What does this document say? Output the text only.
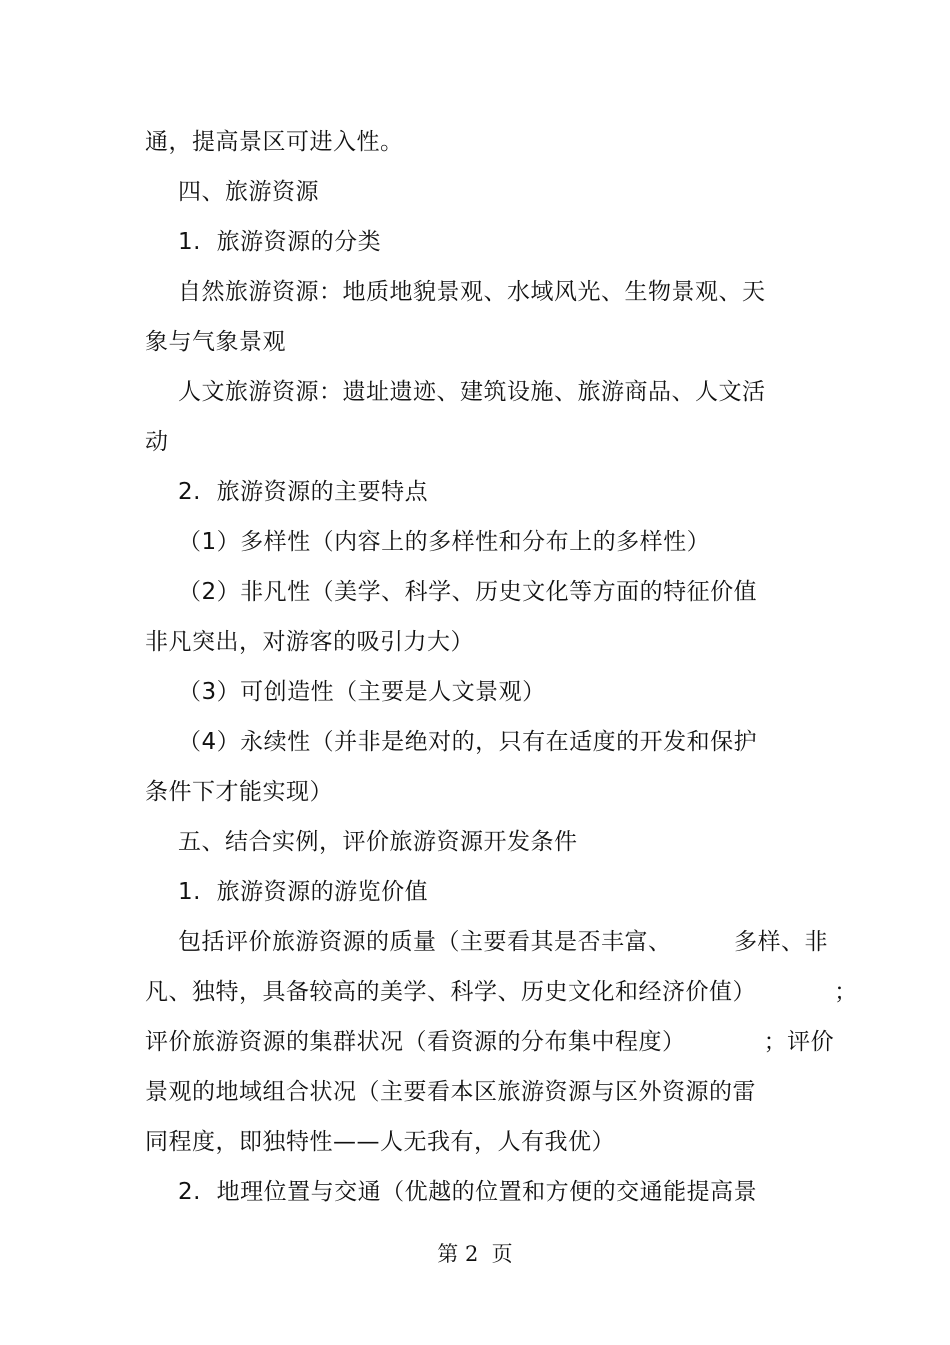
通，提高景区可进入性。
四、旅游资源
1.  旅游资源的分类
自然旅游资源：地质地貌景观、水域风光、生物景观、天
象与气象景观
人文旅游资源：遗址遗迹、建筑设施、旅游商品、人文活
动
2.  旅游资源的主要特点
（1）多样性（内容上的多样性和分布上的多样性）
（2）非凡性（美学、科学、历史文化等方面的特征价值
非凡突出，对游客的吸引力大）
（3）可创造性（主要是人文景观）
（4）永续性（并非是绝对的，只有在适度的开发和保护
条件下才能实现）
五、结合实例，评价旅游资源开发条件
1.  旅游资源的游览价值
包括评价旅游资源的质量（主要看其是否丰富、        多样、非
凡、独特，具备较高的美学、科学、历史文化和经济价值）          ；
评价旅游资源的集群状况（看资源的分布集中程度）          ；评价
景观的地域组合状况（主要看本区旅游资源与区外资源的雷
同程度，即独特性——人无我有，人有我优）
2.  地理位置与交通（优越的位置和方便的交通能提高景
第 2  页
